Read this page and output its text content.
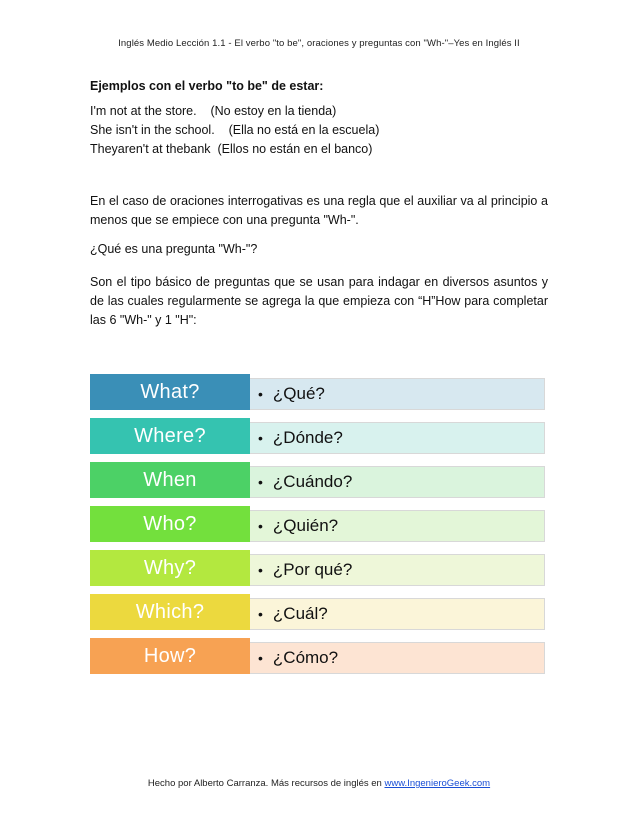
Inglés Medio Lección 1.1 - El verbo "to be", oraciones y preguntas con "Wh-"–Yes en Inglés II
Ejemplos con el verbo "to be" de estar:
I'm not at the store.    (No estoy en la tienda)
She isn't in the school.    (Ella no está en la escuela)
Theyaren't at thebank  (Ellos no están en el banco)
En el caso de oraciones interrogativas es una regla que el auxiliar va al principio a menos que se empiece con una pregunta "Wh-".
¿Qué es una pregunta "Wh-"?
Son el tipo básico de preguntas que se usan para indagar en diversos asuntos y de las cuales regularmente se agrega la que empieza con “H”How para completar las 6 "Wh-" y 1 "H":
What?	• ¿Qué?
Where?	• ¿Dónde?
When	• ¿Cuándo?
Who?	• ¿Quién?
Why?	• ¿Por qué?
Which?	• ¿Cuál?
How?	• ¿Cómo?
Hecho por Alberto Carranza. Más recursos de inglés en www.IngenieroGeek.com
